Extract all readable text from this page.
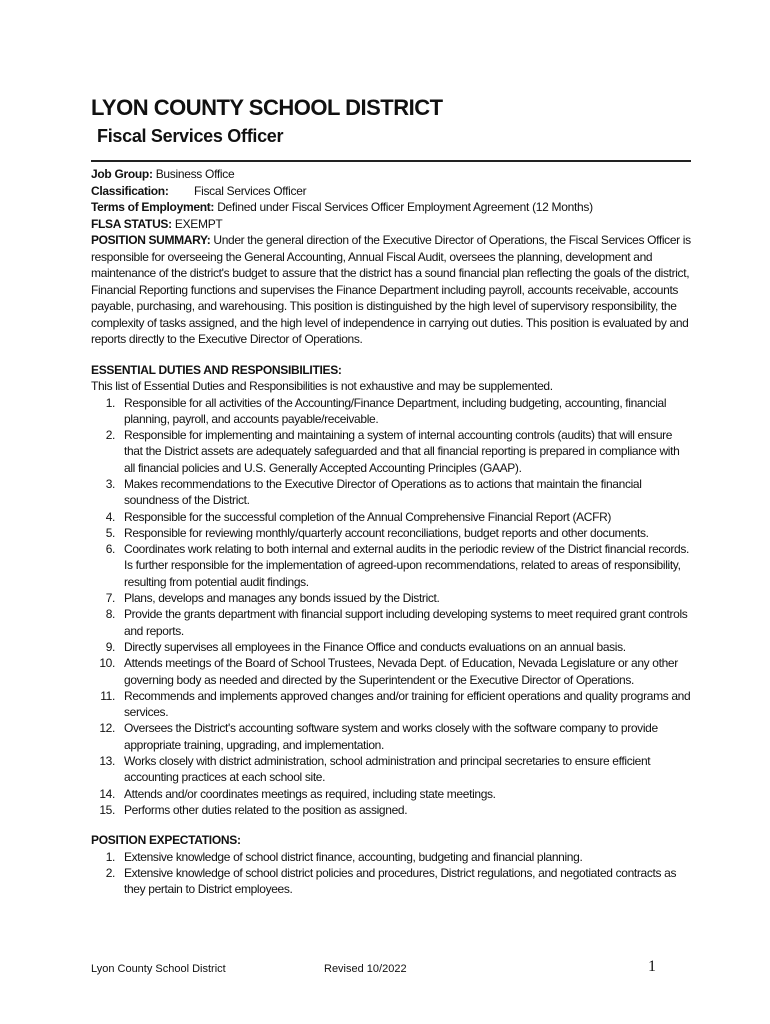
LYON COUNTY SCHOOL DISTRICT
Fiscal Services Officer
Job Group: Business Office
Classification: Fiscal Services Officer
Terms of Employment: Defined under Fiscal Services Officer Employment Agreement (12 Months)
FLSA STATUS: EXEMPT

POSITION SUMMARY: Under the general direction of the Executive Director of Operations, the Fiscal Services Officer is responsible for overseeing the General Accounting, Annual Fiscal Audit, oversees the planning, development and maintenance of the district's budget to assure that the district has a sound financial plan reflecting the goals of the district, Financial Reporting functions and supervises the Finance Department including payroll, accounts receivable, accounts payable, purchasing, and warehousing. This position is distinguished by the high level of supervisory responsibility, the complexity of tasks assigned, and the high level of independence in carrying out duties. This position is evaluated by and reports directly to the Executive Director of Operations.

ESSENTIAL DUTIES AND RESPONSIBILITIES:

This list of Essential Duties and Responsibilities is not exhaustive and may be supplemented.

1. Responsible for all activities of the Accounting/Finance Department, including budgeting, accounting, financial planning, payroll, and accounts payable/receivable.
2. Responsible for implementing and maintaining a system of internal accounting controls (audits) that will ensure that the District assets are adequately safeguarded and that all financial reporting is prepared in compliance with all financial policies and U.S. Generally Accepted Accounting Principles (GAAP).
3. Makes recommendations to the Executive Director of Operations as to actions that maintain the financial soundness of the District.
4. Responsible for the successful completion of the Annual Comprehensive Financial Report (ACFR)
5. Responsible for reviewing monthly/quarterly account reconciliations, budget reports and other documents.
6. Coordinates work relating to both internal and external audits in the periodic review of the District financial records. Is further responsible for the implementation of agreed-upon recommendations, related to areas of responsibility, resulting from potential audit findings.
7. Plans, develops and manages any bonds issued by the District.
8. Provide the grants department with financial support including developing systems to meet required grant controls and reports.
9. Directly supervises all employees in the Finance Office and conducts evaluations on an annual basis.
10. Attends meetings of the Board of School Trustees, Nevada Dept. of Education, Nevada Legislature or any other governing body as needed and directed by the Superintendent or the Executive Director of Operations.
11. Recommends and implements approved changes and/or training for efficient operations and quality programs and services.
12. Oversees the District's accounting software system and works closely with the software company to provide appropriate training, upgrading, and implementation.
13. Works closely with district administration, school administration and principal secretaries to ensure efficient accounting practices at each school site.
14. Attends and/or coordinates meetings as required, including state meetings.
15. Performs other duties related to the position as assigned.
POSITION EXPECTATIONS:
1. Extensive knowledge of school district finance, accounting, budgeting and financial planning.
2. Extensive knowledge of school district policies and procedures, District regulations, and negotiated contracts as they pertain to District employees.
Lyon County School District	Revised 10/2022	1
